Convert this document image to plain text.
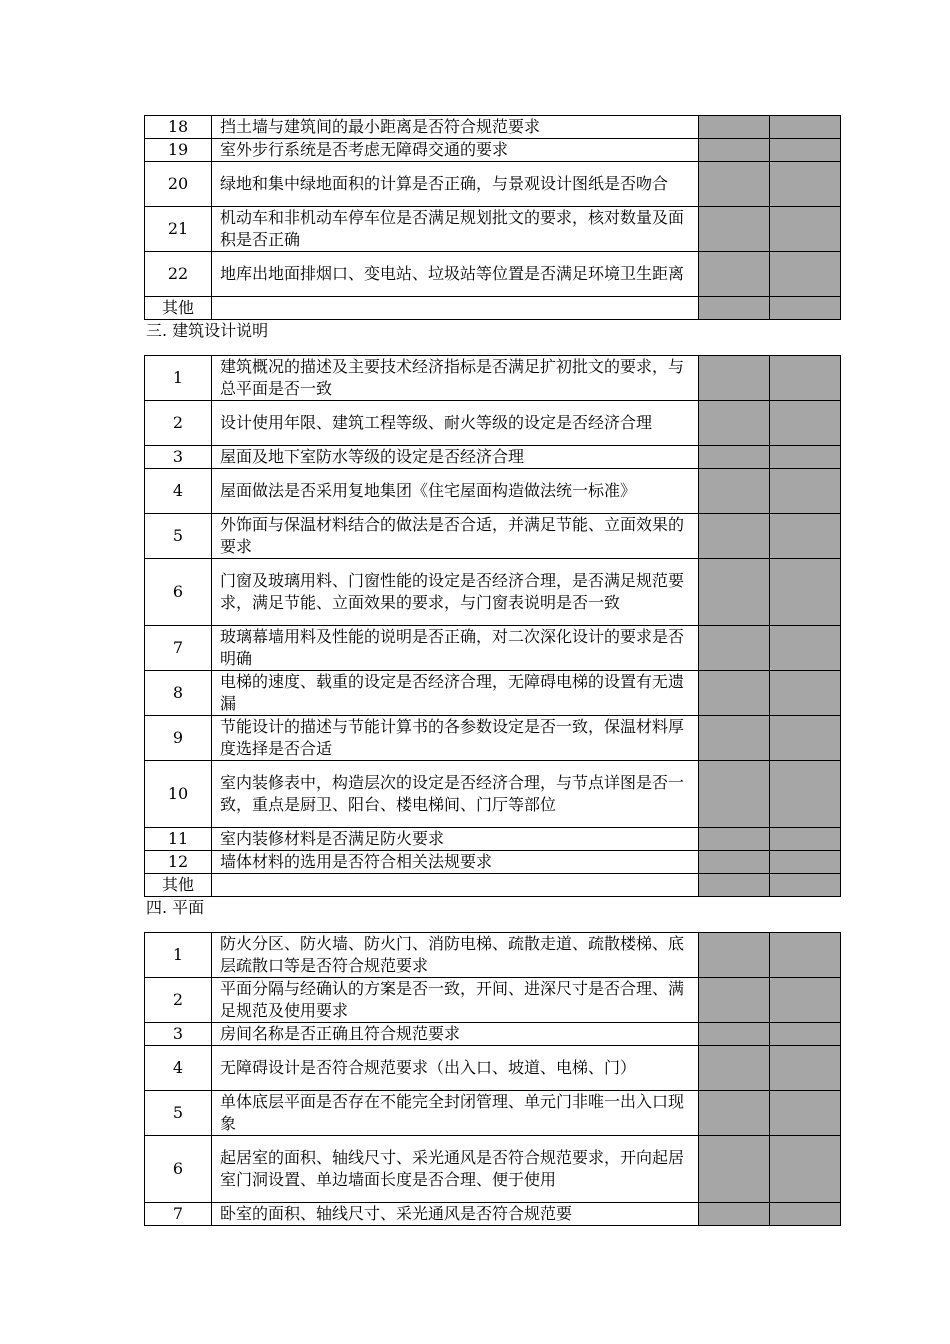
18	挡土墙与建筑间的最小距离是否符合规范要求		
19	室外步行系统是否考虑无障碍交通的要求		
20	绿地和集中绿地面积的计算是否正确，与景观设计图纸是否吻合		
21	机动车和非机动车停车位是否满足规划批文的要求，核对数量及面积是否正确		
22	地库出地面排烟口、变电站、垃圾站等位置是否满足环境卫生距离		
其他			
三. 建筑设计说明
1	建筑概况的描述及主要技术经济指标是否满足扩初批文的要求，与总平面是否一致		
2	设计使用年限、建筑工程等级、耐火等级的设定是否经济合理		
3	屋面及地下室防水等级的设定是否经济合理		
4	屋面做法是否采用复地集团《住宅屋面构造做法统一标准》		
5	外饰面与保温材料结合的做法是否合适，并满足节能、立面效果的要求		
6	门窗及玻璃用料、门窗性能的设定是否经济合理，是否满足规范要求，满足节能、立面效果的要求，与门窗表说明是否一致		
7	玻璃幕墙用料及性能的说明是否正确，对二次深化设计的要求是否明确		
8	电梯的速度、载重的设定是否经济合理，无障碍电梯的设置有无遗漏		
9	节能设计的描述与节能计算书的各参数设定是否一致，保温材料厚度选择是否合适		
10	室内装修表中，构造层次的设定是否经济合理，与节点详图是否一致，重点是厨卫、阳台、楼电梯间、门厅等部位		
11	室内装修材料是否满足防火要求		
12	墙体材料的选用是否符合相关法规要求		
其他			
四. 平面
1	防火分区、防火墙、防火门、消防电梯、疏散走道、疏散楼梯、底层疏散口等是否符合规范要求		
2	平面分隔与经确认的方案是否一致，开间、进深尺寸是否合理、满足规范及使用要求		
3	房间名称是否正确且符合规范要求		
4	无障碍设计是否符合规范要求（出入口、坡道、电梯、门）		
5	单体底层平面是否存在不能完全封闭管理、单元门非唯一出入口现象		
6	起居室的面积、轴线尺寸、采光通风是否符合规范要求，开向起居室门洞设置、单边墙面长度是否合理、便于使用		
7	卧室的面积、轴线尺寸、采光通风是否符合规范要		
